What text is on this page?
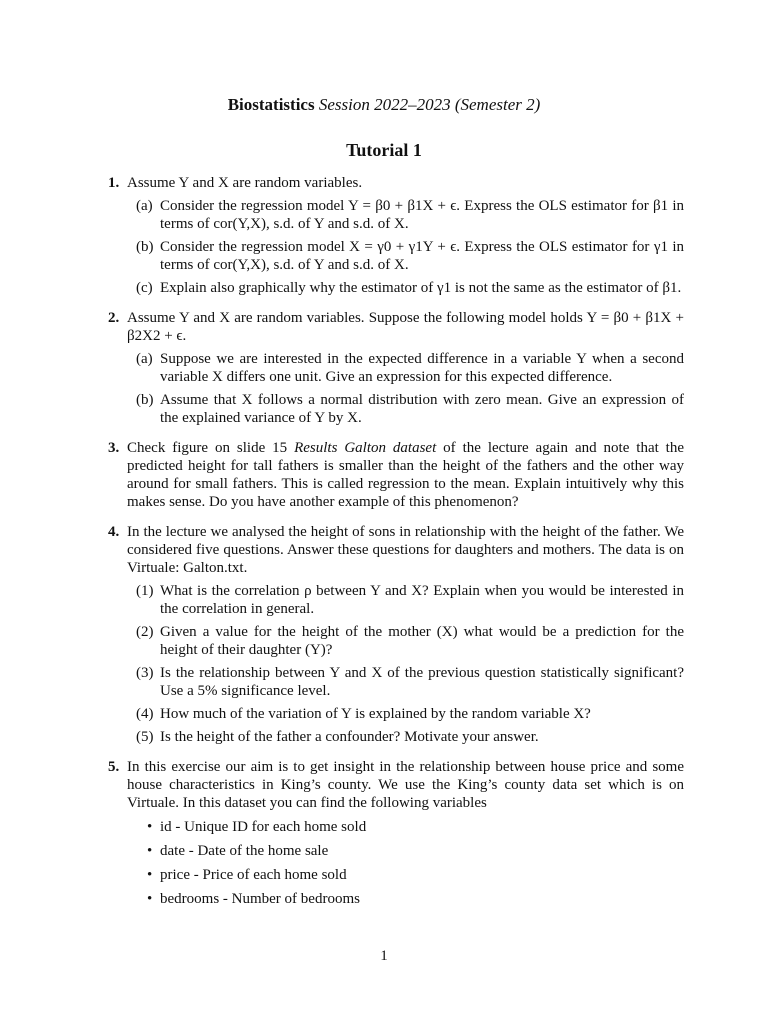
Biostatistics Session 2022–2023 (Semester 2)
Tutorial 1
1. Assume Y and X are random variables.
(a) Consider the regression model Y = β0 + β1X + ϵ. Express the OLS estimator for β1 in terms of cor(Y,X), s.d. of Y and s.d. of X.
(b) Consider the regression model X = γ0 + γ1Y + ϵ. Express the OLS estimator for γ1 in terms of cor(Y,X), s.d. of Y and s.d. of X.
(c) Explain also graphically why the estimator of γ1 is not the same as the estimator of β1.
2. Assume Y and X are random variables. Suppose the following model holds Y = β0 + β1X + β2X2 + ϵ.
(a) Suppose we are interested in the expected difference in a variable Y when a second variable X differs one unit. Give an expression for this expected difference.
(b) Assume that X follows a normal distribution with zero mean. Give an expression of the explained variance of Y by X.
3. Check figure on slide 15 Results Galton dataset of the lecture again and note that the predicted height for tall fathers is smaller than the height of the fathers and the other way around for small fathers. This is called regression to the mean. Explain intuitively why this makes sense. Do you have another example of this phenomenon?
4. In the lecture we analysed the height of sons in relationship with the height of the father. We considered five questions. Answer these questions for daughters and mothers. The data is on Virtuale: Galton.txt.
(1) What is the correlation ρ between Y and X? Explain when you would be interested in the correlation in general.
(2) Given a value for the height of the mother (X) what would be a prediction for the height of their daughter (Y)?
(3) Is the relationship between Y and X of the previous question statistically significant? Use a 5% significance level.
(4) How much of the variation of Y is explained by the random variable X?
(5) Is the height of the father a confounder? Motivate your answer.
5. In this exercise our aim is to get insight in the relationship between house price and some house characteristics in King’s county. We use the King’s county data set which is on Virtuale. In this dataset you can find the following variables
• id - Unique ID for each home sold
• date - Date of the home sale
• price - Price of each home sold
• bedrooms - Number of bedrooms
1
